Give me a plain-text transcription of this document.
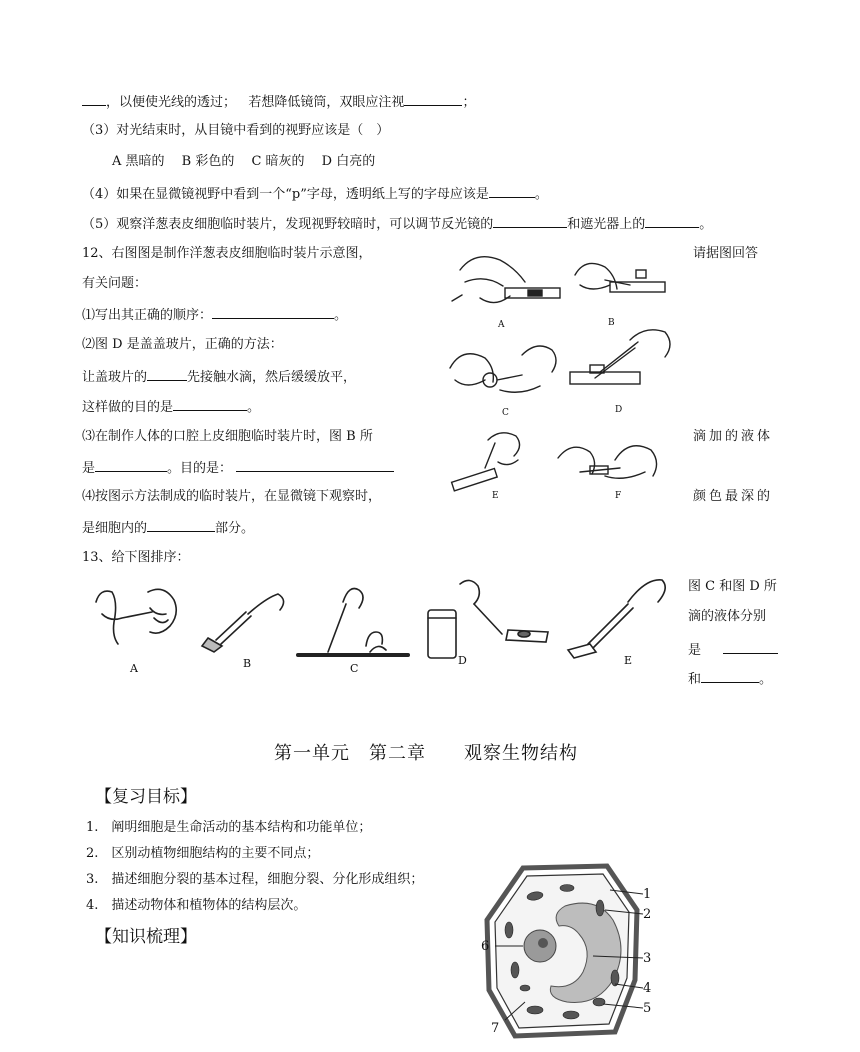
，以便使光线的透过； 若想降低镜筒，双眼应注视	；
（3）对光结束时，从目镜中看到的视野应该是（　）
A 黑暗的　 B 彩色的　 C 暗灰的　 D 白亮的
（4）如果在显微镜视野中看到一个“p”字母，透明纸上写的字母应该是	。
（5）观察洋葱表皮细胞临时装片，发现视野较暗时，可以调节反光镜的	和遮光器上的	。
12、右图图是制作洋葱表皮细胞临时装片示意图，	请据图回答
有关问题：
⑴写出其正确的顺序：	。
⑵图 D 是盖盖玻片，正确的方法：
让盖玻片的	先接触水滴，然后缓缓放平，
这样做的目的是	。
⑶在制作人体的口腔上皮细胞临时装片时，图 B 所	滴加的液体
是	。目的是：
⑷按图示方法制成的临时装片，在显微镜下观察时，	颜色最深的
是细胞内的	部分。
A	B
C	D
E	F
13、给下图排序：
图 C 和图 D 所
滴的液体分别
是
和	。
A	B	C
D	E
第一单元　第二章　　观察生物结构
【复习目标】
1.　阐明细胞是生命活动的基本结构和功能单位；
2.　区别动植物细胞结构的主要不同点；
3.　描述细胞分裂的基本过程，细胞分裂、分化形成组织；
4.　描述动物体和植物体的结构层次。
【知识梳理】
1
2
3
4
5
6
7
